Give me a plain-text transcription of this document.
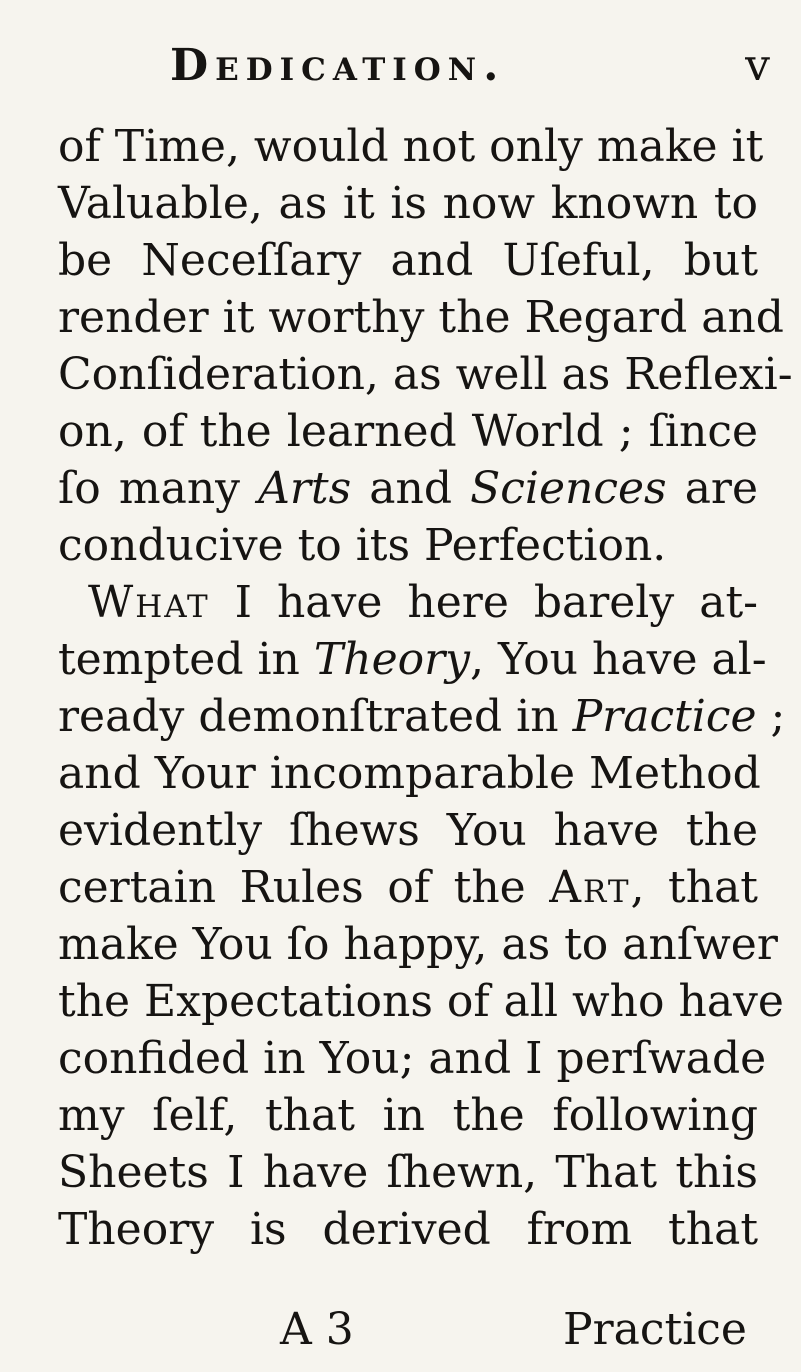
Dedication.	v
of Time, would not only make it
Valuable, as it is now known to
be Neceſſary and Uſeful, but
render it worthy the Regard and
Conſideration, as well as Reflexi-
on, of the learned World ; ſince
ſo many Arts and Sciences are
conducive to its Perfection.
What I have here barely at-
tempted in Theory, You have al-
ready demonſtrated in Practice ;
and Your incomparable Method
evidently ſhews You have the
certain Rules of the Art, that
make You ſo happy, as to anſwer
the Expectations of all who have
confided in You; and I perſwade
my ſelf, that in the following
Sheets I have ſhewn, That this
Theory is derived from that
A 3	Practice
